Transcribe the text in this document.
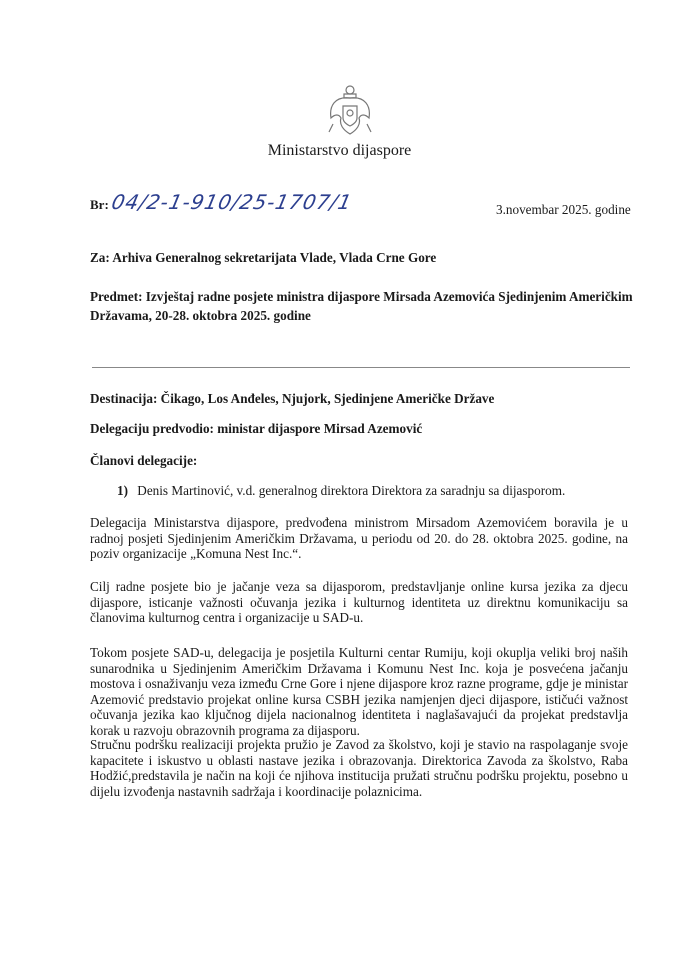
Ministarstvo dijaspore
Br: 04/2-1-910/25-1707/1	3.novembar 2025. godine
Za: Arhiva Generalnog sekretarijata Vlade, Vlada Crne Gore
Predmet: Izvještaj radne posjete ministra dijaspore Mirsada Azemovića Sjedinjenim Američkim
Državama, 20-28. oktobra 2025. godine
Destinacija: Čikago, Los Anđeles, Njujork, Sjedinjene Američke Države
Delegaciju predvodio: ministar dijaspore Mirsad Azemović
Članovi delegacije:
1) Denis Martinović, v.d. generalnog direktora Direktora za saradnju sa dijasporom.

Delegacija Ministarstva dijaspore, predvođena ministrom Mirsadom Azemovićem boravila je u radnoj posjeti Sjedinjenim Američkim Državama, u periodu od 20. do 28. oktobra 2025. godine, na poziv organizacije „Komuna Nest Inc.“.

Cilj radne posjete bio je jačanje veza sa dijasporom, predstavljanje online kursa jezika za djecu dijaspore, isticanje važnosti očuvanja jezika i kulturnog identiteta uz direktnu komunikaciju sa članovima kulturnog centra i organizacije u SAD-u.

Tokom posjete SAD-u, delegacija je posjetila Kulturni centar Rumiju, koji okuplja veliki broj naših sunarodnika u Sjedinjenim Američkim Državama i Komunu Nest Inc. koja je posvećena jačanju mostova i osnaživanju veza između Crne Gore i njene dijaspore kroz razne programe, gdje je ministar Azemović predstavio projekat online kursa CSBH jezika namjenjen djeci dijaspore, ističući važnost očuvanja jezika kao ključnog dijela nacionalnog identiteta i naglašavajući da projekat predstavlja korak u razvoju obrazovnih programa za dijasporu.

Stručnu podršku realizaciji projekta pružio je Zavod za školstvo, koji je stavio na raspolaganje svoje kapacitete i iskustvo u oblasti nastave jezika i obrazovanja. Direktorica Zavoda za školstvo, Raba Hodžić,predstavila je način na koji će njihova institucija pružati stručnu podršku projektu, posebno u dijelu izvođenja nastavnih sadržaja i koordinacije polaznicima.
